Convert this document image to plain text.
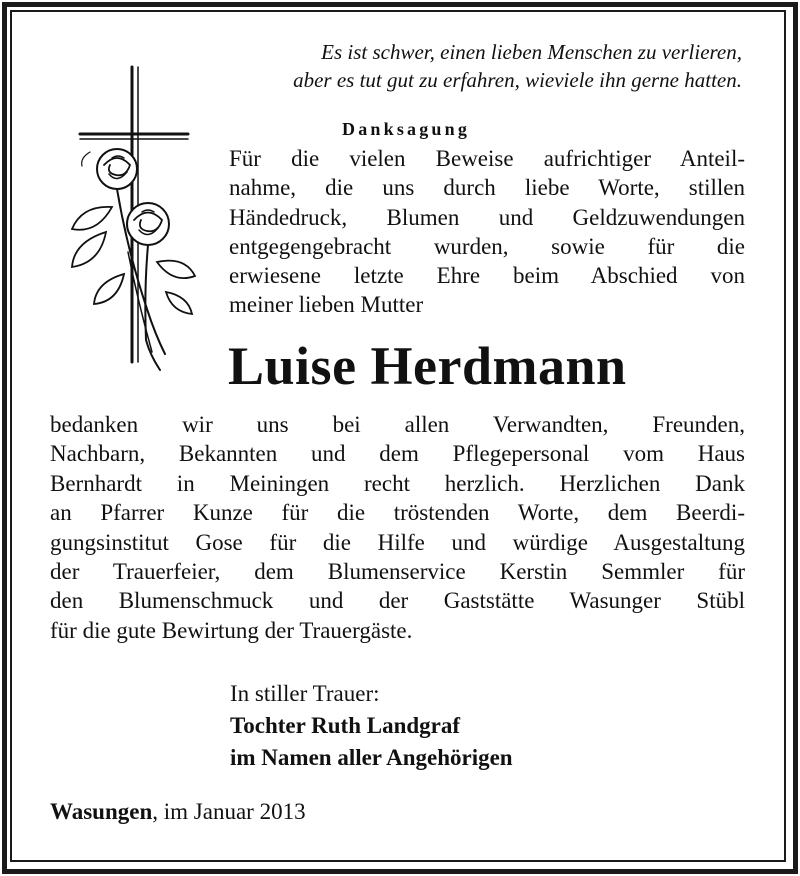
Es ist schwer, einen lieben Menschen zu verlieren,
aber es tut gut zu erfahren, wieviele ihn gerne hatten.
Danksagung
Für die vielen Beweise aufrichtiger Anteil-
nahme, die uns durch liebe Worte, stillen
Händedruck, Blumen und Geldzuwendungen
entgegengebracht wurden, sowie für die
erwiesene letzte Ehre beim Abschied von
meiner lieben Mutter
Luise Herdmann
bedanken wir uns bei allen Verwandten, Freunden,
Nachbarn, Bekannten und dem Pflegepersonal vom Haus
Bernhardt in Meiningen recht herzlich. Herzlichen Dank
an Pfarrer Kunze für die tröstenden Worte, dem Beerdi-
gungsinstitut Gose für die Hilfe und würdige Ausgestaltung
der Trauerfeier, dem Blumenservice Kerstin Semmler für
den Blumenschmuck und der Gaststätte Wasunger Stübl
für die gute Bewirtung der Trauergäste.
In stiller Trauer:
Tochter Ruth Landgraf
im Namen aller Angehörigen
Wasungen, im Januar 2013
